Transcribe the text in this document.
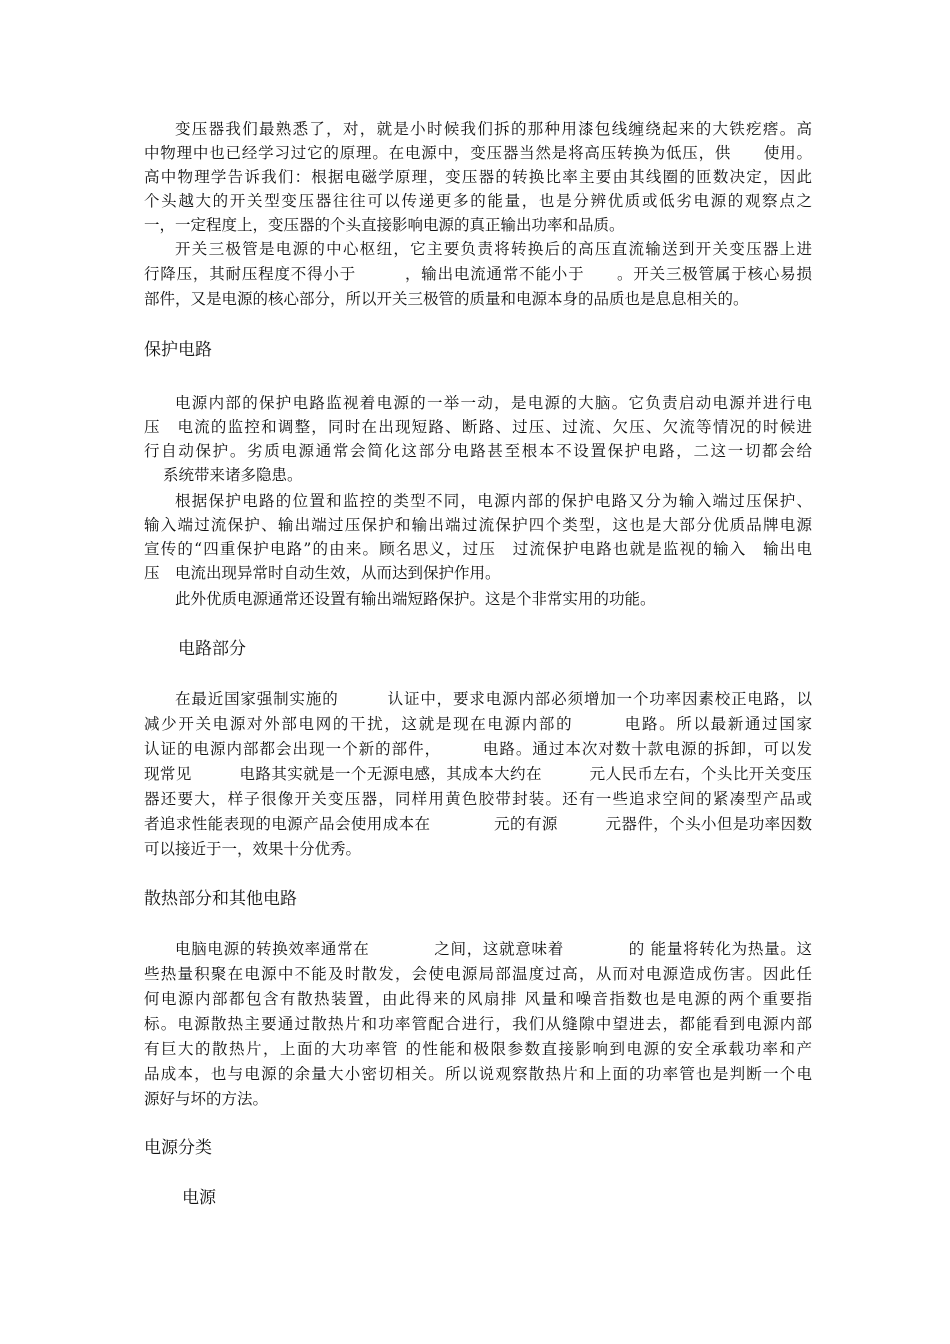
变压器我们最熟悉了，对，就是小时候我们拆的那种用漆包线缠绕起来的大铁疙瘩。高
中物理中也已经学习过它的原理。在电源中，变压器当然是将高压转换为低压，供　　使用。
高中物理学告诉我们：根据电磁学原理，变压器的转换比率主要由其线圈的匝数决定，因此
个头越大的开关型变压器往往可以传递更多的能量，也是分辨优质或低劣电源的观察点之
一，一定程度上，变压器的个头直接影响电源的真正输出功率和品质。
开关三极管是电源的中心枢纽，它主要负责将转换后的高压直流输送到开关变压器上进
行降压，其耐压程度不得小于　　　，输出电流通常不能小于　　。开关三极管属于核心易损
部件，又是电源的核心部分，所以开关三极管的质量和电源本身的品质也是息息相关的。
保护电路
电源内部的保护电路监视着电源的一举一动，是电源的大脑。它负责启动电源并进行电
压　电流的监控和调整，同时在出现短路、断路、过压、过流、欠压、欠流等情况的时候进
行自动保护。劣质电源通常会简化这部分电路甚至根本不设置保护电路，二这一切都会给
系统带来诸多隐患。
根据保护电路的位置和监控的类型不同，电源内部的保护电路又分为输入端过压保护、
输入端过流保护、输出端过压保护和输出端过流保护四个类型，这也是大部分优质品牌电源
宣传的“四重保护电路”的由来。顾名思义，过压　过流保护电路也就是监视的输入　输出电
压　电流出现异常时自动生效，从而达到保护作用。
此外优质电源通常还设置有输出端短路保护。这是个非常实用的功能。
电路部分
在最近国家强制实施的　　　认证中，要求电源内部必须增加一个功率因素校正电路，以
减少开关电源对外部电网的干扰，这就是现在电源内部的　　　电路。所以最新通过国家
认证的电源内部都会出现一个新的部件，　　　电路。通过本次对数十款电源的拆卸，可以发
现常见　　　电路其实就是一个无源电感，其成本大约在　　　元人民币左右，个头比开关变压
器还要大，样子很像开关变压器，同样用黄色胶带封装。还有一些追求空间的紧凑型产品或
者追求性能表现的电源产品会使用成本在　　　　元的有源　　　元器件，个头小但是功率因数
可以接近于一，效果十分优秀。
散热部分和其他电路
电脑电源的转换效率通常在　　　　之间，这就意味着　　　　的 能量将转化为热量。这
些热量积聚在电源中不能及时散发，会使电源局部温度过高，从而对电源造成伤害。因此任
何电源内部都包含有散热装置，由此得来的风扇排 风量和噪音指数也是电源的两个重要指
标。电源散热主要通过散热片和功率管配合进行，我们从缝隙中望进去，都能看到电源内部
有巨大的散热片，上面的大功率管 的性能和极限参数直接影响到电源的安全承载功率和产
品成本，也与电源的余量大小密切相关。所以说观察散热片和上面的功率管也是判断一个电
源好与坏的方法。
电源分类
电源
